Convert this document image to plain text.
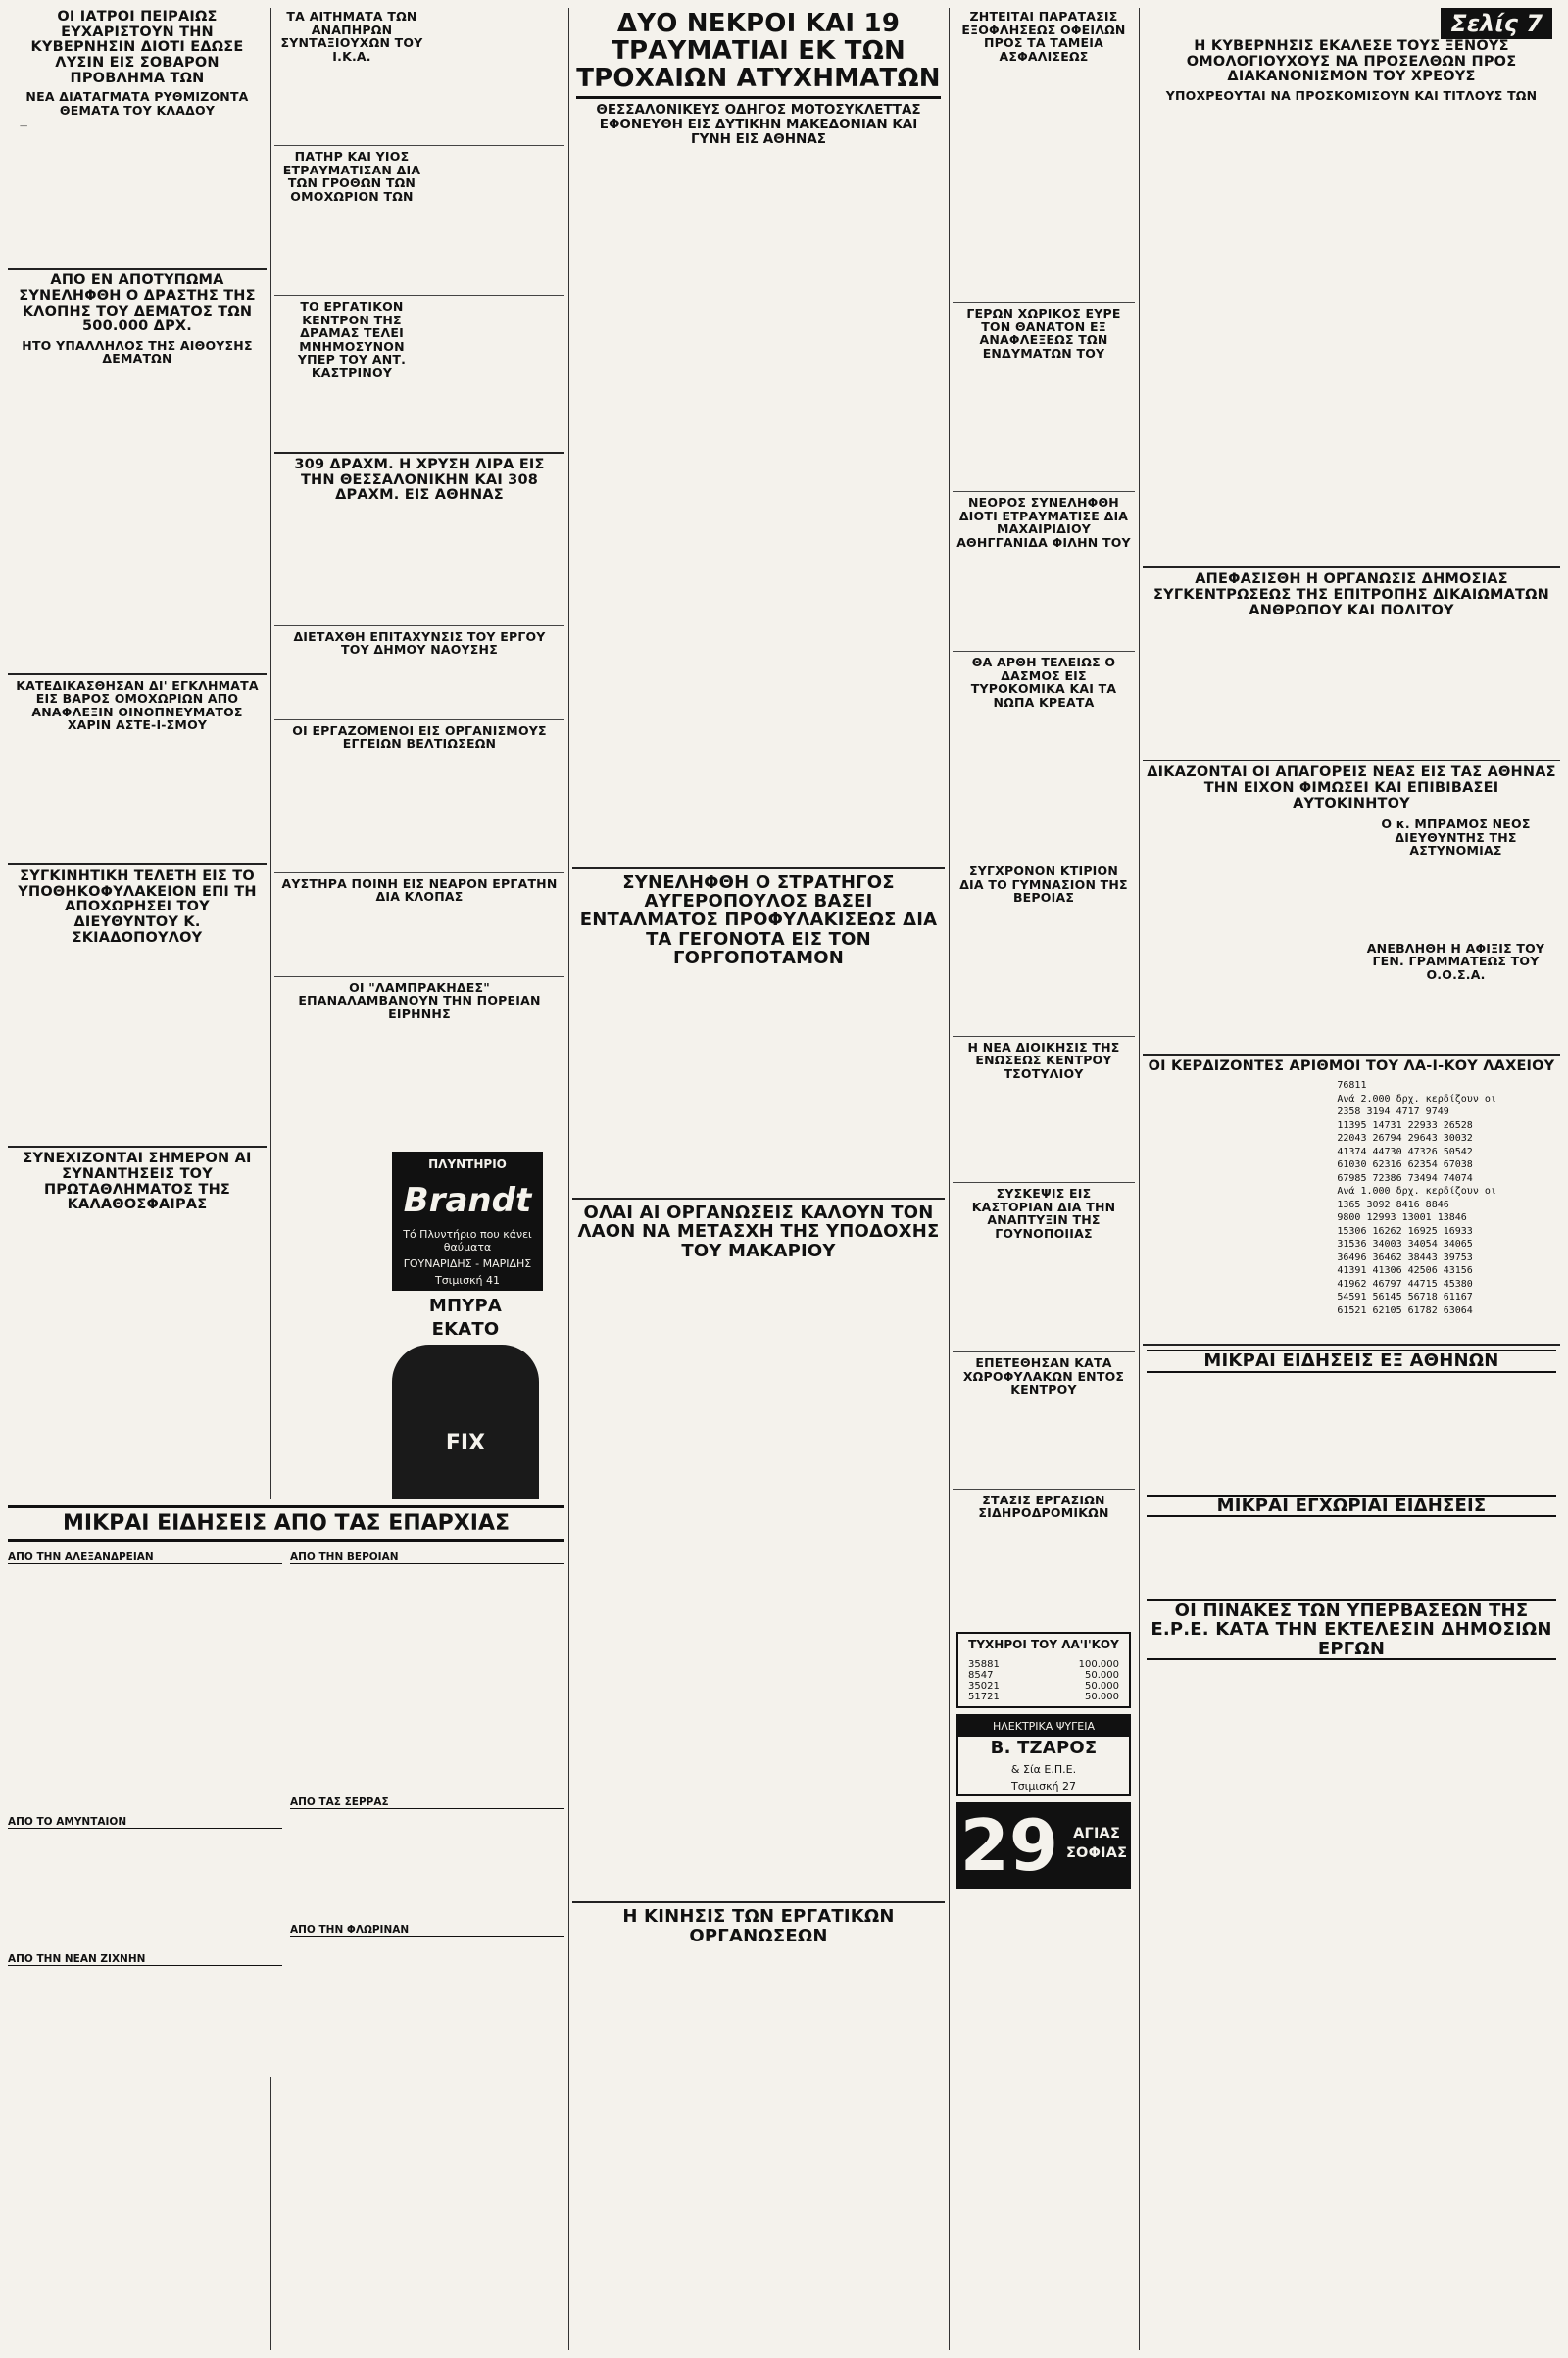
Σελίς 7
ΟΙ ΙΑΤΡΟΙ ΠΕΙΡΑΙΩΣ ΕΥΧΑΡΙΣΤΟΥΝ ΤΗΝ ΚΥΒΕΡΝΗΣΙΝ ΔΙΟΤΙ ΕΔΩΣΕ ΛΥΣΙΝ ΕΙΣ ΣΟΒΑΡΟΝ ΠΡΟΒΛΗΜΑ ΤΩΝ
ΝΕΑ ΔΙΑΤΑΓΜΑΤΑ ΡΥΘΜΙΖΟΝΤΑ ΘΕΜΑΤΑ ΤΟΥ ΚΛΑΔΟΥ

—

ΑΠΟ ΕΝ ΑΠΟΤΥΠΩΜΑ ΣΥΝΕΛΗΦΘΗ Ο ΔΡΑΣΤΗΣ ΤΗΣ ΚΛΟΠΗΣ ΤΟΥ ΔΕΜΑΤΟΣ ΤΩΝ 500.000 ΔΡΧ.
ΗΤΟ ΥΠΑΛΛΗΛΟΣ ΤΗΣ ΑΙΘΟΥΣΗΣ ΔΕΜΑΤΩΝ
ΚΑΤΕΔΙΚΑΣΘΗΣΑΝ ΔΙ' ΕΓΚΛΗΜΑΤΑ ΕΙΣ ΒΑΡΟΣ ΟΜΟΧΩΡΙΩΝ ΑΠΟ ΑΝΑΦΛΕΞΙΝ ΟΙΝΟΠΝΕΥΜΑΤΟΣ ΧΑΡΙΝ ΑΣΤΕ-Ι-ΣΜΟΥ
ΣΥΓΚΙΝΗΤΙΚΗ ΤΕΛΕΤΗ ΕΙΣ ΤΟ ΥΠΟΘΗΚΟΦΥΛΑΚΕΙΟΝ ΕΠΙ ΤΗ ΑΠΟΧΩΡΗΣΕΙ ΤΟΥ ΔΙΕΥΘΥΝΤΟΥ Κ. ΣΚΙΑΔΟΠΟΥΛΟΥ
ΣΥΝΕΧΙΖΟΝΤΑΙ ΣΗΜΕΡΟΝ ΑΙ ΣΥΝΑΝΤΗΣΕΙΣ ΤΟΥ ΠΡΩΤΑΘΛΗΜΑΤΟΣ ΤΗΣ ΚΑΛΑΘΟΣΦΑΙΡΑΣ
ΤΑ ΑΙΤΗΜΑΤΑ ΤΩΝ ΑΝΑΠΗΡΩΝ ΣΥΝΤΑΞΙΟΥΧΩΝ ΤΟΥ Ι.Κ.Α.
ΠΑΤΗΡ ΚΑΙ ΥΙΟΣ ΕΤΡΑΥΜΑΤΙΣΑΝ ΔΙΑ ΤΩΝ ΓΡΟΘΩΝ ΤΩΝ ΟΜΟΧΩΡΙΟΝ ΤΩΝ
ΤΟ ΕΡΓΑΤΙΚΟΝ ΚΕΝΤΡΟΝ ΤΗΣ ΔΡΑΜΑΣ ΤΕΛΕΙ ΜΝΗΜΟΣΥΝΟΝ ΥΠΕΡ ΤΟΥ ΑΝΤ. ΚΑΣΤΡΙΝΟΥ
309 ΔΡΑΧΜ. Η ΧΡΥΣΗ ΛΙΡΑ ΕΙΣ ΤΗΝ ΘΕΣΣΑΛΟΝΙΚΗΝ ΚΑΙ 308 ΔΡΑΧΜ. ΕΙΣ ΑΘΗΝΑΣ
ΔΙΕΤΑΧΘΗ ΕΠΙΤΑΧΥΝΣΙΣ ΤΟΥ ΕΡΓΟΥ ΤΟΥ ΔΗΜΟΥ ΝΑΟΥΣΗΣ
ΟΙ ΕΡΓΑΖΟΜΕΝΟΙ ΕΙΣ ΟΡΓΑΝΙΣΜΟΥΣ ΕΓΓΕΙΩΝ ΒΕΛΤΙΩΣΕΩΝ
ΑΥΣΤΗΡΑ ΠΟΙΝΗ ΕΙΣ ΝΕΑΡΟΝ ΕΡΓΑΤΗΝ ΔΙΑ ΚΛΟΠΑΣ
ΟΙ "ΛΑΜΠΡΑΚΗΔΕΣ" ΕΠΑΝΑΛΑΜΒΑΝΟΥΝ ΤΗΝ ΠΟΡΕΙΑΝ ΕΙΡΗΝΗΣ
ΠΛΥΝΤΗΡΙΟ
Brandt
Τό Πλυντήριο που κάνει θαύματα
ΓΟΥΝΑΡΙΔΗΣ - ΜΑΡΙΔΗΣ
Τσιμισκή 41
ΜΠΥΡΑ
ΕΚΑΤΟ
FIX
ΔΥΟ ΝΕΚΡΟΙ ΚΑΙ 19 ΤΡΑΥΜΑΤΙΑΙ ΕΚ ΤΩΝ ΤΡΟΧΑΙΩΝ ΑΤΥΧΗΜΑΤΩΝ
ΘΕΣΣΑΛΟΝΙΚΕΥΣ ΟΔΗΓΟΣ ΜΟΤΟΣΥΚΛΕΤΤΑΣ ΕΦΟΝΕΥΘΗ ΕΙΣ ΔΥΤΙΚΗΝ ΜΑΚΕΔΟΝΙΑΝ ΚΑΙ ΓΥΝΗ ΕΙΣ ΑΘΗΝΑΣ
ΣΥΝΕΛΗΦΘΗ Ο ΣΤΡΑΤΗΓΟΣ ΑΥΓΕΡΟΠΟΥΛΟΣ ΒΑΣΕΙ ΕΝΤΑΛΜΑΤΟΣ ΠΡΟΦΥΛΑΚΙΣΕΩΣ ΔΙΑ ΤΑ ΓΕΓΟΝΟΤΑ ΕΙΣ ΤΟΝ ΓΟΡΓΟΠΟΤΑΜΟΝ
ΟΛΑΙ ΑΙ ΟΡΓΑΝΩΣΕΙΣ ΚΑΛΟΥΝ ΤΟΝ ΛΑΟΝ ΝΑ ΜΕΤΑΣΧΗ ΤΗΣ ΥΠΟΔΟΧΗΣ ΤΟΥ ΜΑΚΑΡΙΟΥ
Η ΚΙΝΗΣΙΣ ΤΩΝ ΕΡΓΑΤΙΚΩΝ ΟΡΓΑΝΩΣΕΩΝ
ΖΗΤΕΙΤΑΙ ΠΑΡΑΤΑΣΙΣ ΕΞΟΦΛΗΣΕΩΣ ΟΦΕΙΛΩΝ ΠΡΟΣ ΤΑ ΤΑΜΕΙΑ ΑΣΦΑΛΙΣΕΩΣ
ΓΕΡΩΝ ΧΩΡΙΚΟΣ ΕΥΡΕ ΤΟΝ ΘΑΝΑΤΟΝ ΕΞ ΑΝΑΦΛΕΞΕΩΣ ΤΩΝ ΕΝΔΥΜΑΤΩΝ ΤΟΥ
ΝΕΟΡΟΣ ΣΥΝΕΛΗΦΘΗ ΔΙΟΤΙ ΕΤΡΑΥΜΑΤΙΣΕ ΔΙΑ ΜΑΧΑΙΡΙΔΙΟΥ ΑΘΗΓΓΑΝΙΔΑ ΦΙΛΗΝ ΤΟΥ
ΘΑ ΑΡΘΗ ΤΕΛΕΙΩΣ Ο ΔΑΣΜΟΣ ΕΙΣ ΤΥΡΟΚΟΜΙΚΑ ΚΑΙ ΤΑ ΝΩΠΑ ΚΡΕΑΤΑ
ΣΥΓΧΡΟΝΟΝ ΚΤΙΡΙΟΝ ΔΙΑ ΤΟ ΓΥΜΝΑΣΙΟΝ ΤΗΣ ΒΕΡΟΙΑΣ
Η ΝΕΑ ΔΙΟΙΚΗΣΙΣ ΤΗΣ ΕΝΩΣΕΩΣ ΚΕΝΤΡΟΥ ΤΣΟΤΥΛΙΟΥ
ΣΥΣΚΕΨΙΣ ΕΙΣ ΚΑΣΤΟΡΙΑΝ ΔΙΑ ΤΗΝ ΑΝΑΠΤΥΞΙΝ ΤΗΣ ΓΟΥΝΟΠΟΙΙΑΣ
ΕΠΕΤΕΘΗΣΑΝ ΚΑΤΑ ΧΩΡΟΦΥΛΑΚΩΝ ΕΝΤΟΣ ΚΕΝΤΡΟΥ
ΣΤΑΣΙΣ ΕΡΓΑΣΙΩΝ ΣΙΔΗΡΟΔΡΟΜΙΚΩΝ
ΤΥΧΗΡΟΙ ΤΟΥ ΛΑ'Ι'ΚΟΥ
35881	100.000
8547	50.000
35021	50.000
51721	50.000
ΗΛΕΚΤΡΙΚΑ ΨΥΓΕΙΑ
Β. ΤΖΑΡΟΣ
& Σία Ε.Π.Ε.
Τσιμισκή 27
29	ΑΓΙΑΣ
ΣΟΦΙΑΣ
Η ΚΥΒΕΡΝΗΣΙΣ ΕΚΑΛΕΣΕ ΤΟΥΣ ΞΕΝΟΥΣ ΟΜΟΛΟΓΙΟΥΧΟΥΣ ΝΑ ΠΡΟΣΕΛΘΩΝ ΠΡΟΣ ΔΙΑΚΑΝΟΝΙΣΜΟΝ ΤΟΥ ΧΡΕΟΥΣ
ΥΠΟΧΡΕΟΥΤΑΙ ΝΑ ΠΡΟΣΚΟΜΙΣΟΥΝ ΚΑΙ ΤΙΤΛΟΥΣ ΤΩΝ
ΑΠΕΦΑΣΙΣΘΗ Η ΟΡΓΑΝΩΣΙΣ ΔΗΜΟΣΙΑΣ ΣΥΓΚΕΝΤΡΩΣΕΩΣ ΤΗΣ ΕΠΙΤΡΟΠΗΣ ΔΙΚΑΙΩΜΑΤΩΝ ΑΝΘΡΩΠΟΥ ΚΑΙ ΠΟΛΙΤΟΥ
ΔΙΚΑΖΟΝΤΑΙ ΟΙ ΑΠΑΓΟΡΕΙΣ ΝΕΑΣ ΕΙΣ ΤΑΣ ΑΘΗΝΑΣ ΤΗΝ ΕΙΧΟΝ ΦΙΜΩΣΕΙ ΚΑΙ ΕΠΙΒΙΒΑΣΕΙ ΑΥΤΟΚΙΝΗΤΟΥ
Ο κ. ΜΠΡΑΜΟΣ ΝΕΟΣ ΔΙΕΥΘΥΝΤΗΣ ΤΗΣ ΑΣΤΥΝΟΜΙΑΣ
ΑΝΕΒΛΗΘΗ Η ΑΦΙΞΙΣ ΤΟΥ ΓΕΝ. ΓΡΑΜΜΑΤΕΩΣ ΤΟΥ Ο.Ο.Σ.Α.
ΟΙ ΚΕΡΔΙΖΟΝΤΕΣ ΑΡΙΘΜΟΙ ΤΟΥ ΛΑ-Ι-ΚΟΥ ΛΑΧΕΙΟΥ
76811
Ανά 2.000 δρχ. κερδίζουν οι
2358 3194 4717 9749
11395 14731 22933 26528
22043 26794 29643 30032
41374 44730 47326 50542
61030 62316 62354 67038
67985 72386 73494 74074
Ανά 1.000 δρχ. κερδίζουν οι
1365 3092 8416 8846
9800 12993 13001 13846
15306 16262 16925 16933
31536 34003 34054 34065
36496 36462 38443 39753
41391 41306 42506 43156
41962 46797 44715 45380
54591 56145 56718 61167
61521 62105 61782 63064
ΜΙΚΡΑΙ ΕΙΔΗΣΕΙΣ ΕΞ ΑΘΗΝΩΝ
ΜΙΚΡΑΙ ΕΓΧΩΡΙΑΙ ΕΙΔΗΣΕΙΣ
ΟΙ ΠΙΝΑΚΕΣ ΤΩΝ ΥΠΕΡΒΑΣΕΩΝ ΤΗΣ Ε.Ρ.Ε. ΚΑΤΑ ΤΗΝ ΕΚΤΕΛΕΣΙΝ ΔΗΜΟΣΙΩΝ ΕΡΓΩΝ
ΜΙΚΡΑΙ ΕΙΔΗΣΕΙΣ ΑΠΟ ΤΑΣ ΕΠΑΡΧΙΑΣ
ΑΠΟ ΤΗΝ ΑΛΕΞΑΝΔΡΕΙΑΝ
ΑΠΟ ΤΟ ΑΜΥΝΤΑΙΟΝ
ΑΠΟ ΤΗΝ ΝΕΑΝ ΖΙΧΝΗΝ
ΑΠΟ ΤΗΝ ΒΕΡΟΙΑΝ
ΑΠΟ ΤΑΣ ΣΕΡΡΑΣ
ΑΠΟ ΤΗΝ ΦΛΩΡΙΝΑΝ
